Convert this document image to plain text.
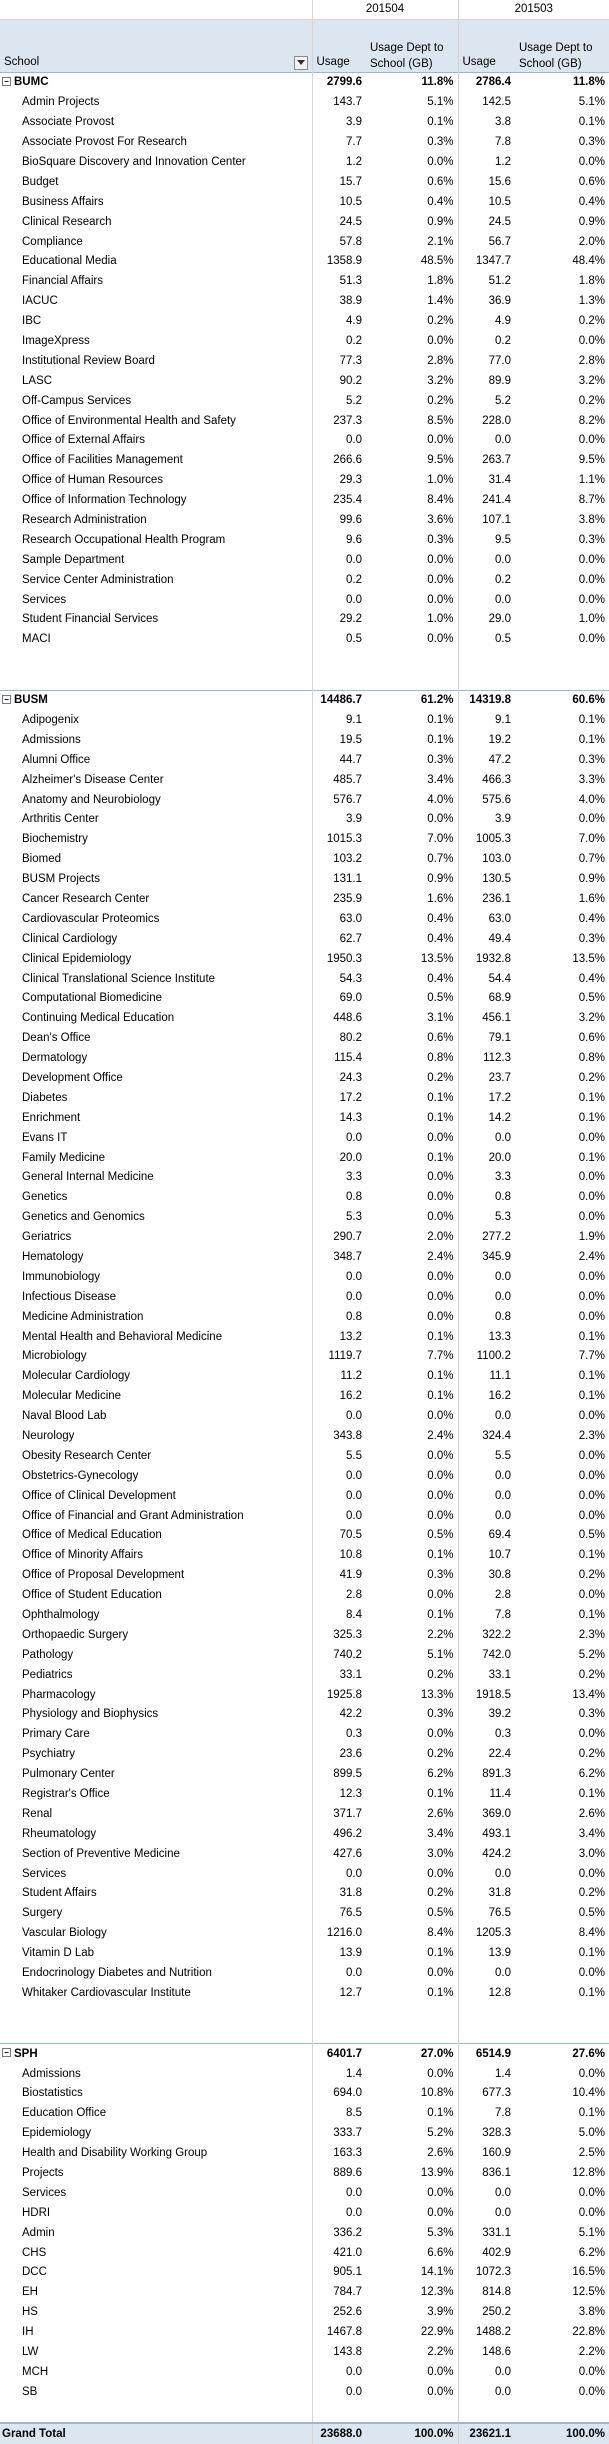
	201504		201503	
School	Usage	Usage Dept to School (GB)	Usage	Usage Dept to School (GB)
− BUMC	2799.6	11.8%	2786.4	11.8%
Admin Projects	143.7	5.1%	142.5	5.1%
Associate Provost	3.9	0.1%	3.8	0.1%
Associate Provost For Research	7.7	0.3%	7.8	0.3%
BioSquare Discovery and Innovation Center	1.2	0.0%	1.2	0.0%
Budget	15.7	0.6%	15.6	0.6%
Business Affairs	10.5	0.4%	10.5	0.4%
Clinical Research	24.5	0.9%	24.5	0.9%
Compliance	57.8	2.1%	56.7	2.0%
Educational Media	1358.9	48.5%	1347.7	48.4%
Financial Affairs	51.3	1.8%	51.2	1.8%
IACUC	38.9	1.4%	36.9	1.3%
IBC	4.9	0.2%	4.9	0.2%
ImageXpress	0.2	0.0%	0.2	0.0%
Institutional Review Board	77.3	2.8%	77.0	2.8%
LASC	90.2	3.2%	89.9	3.2%
Off-Campus Services	5.2	0.2%	5.2	0.2%
Office of Environmental Health and Safety	237.3	8.5%	228.0	8.2%
Office of External Affairs	0.0	0.0%	0.0	0.0%
Office of Facilities Management	266.6	9.5%	263.7	9.5%
Office of Human Resources	29.3	1.0%	31.4	1.1%
Office of Information Technology	235.4	8.4%	241.4	8.7%
Research Administration	99.6	3.6%	107.1	3.8%
Research Occupational Health Program	9.6	0.3%	9.5	0.3%
Sample Department	0.0	0.0%	0.0	0.0%
Service Center Administration	0.2	0.0%	0.2	0.0%
Services	0.0	0.0%	0.0	0.0%
Student Financial Services	29.2	1.0%	29.0	1.0%
MACI	0.5	0.0%	0.5	0.0%

− BUSM	14486.7	61.2%	14319.8	60.6%
Adipogenix	9.1	0.1%	9.1	0.1%
Admissions	19.5	0.1%	19.2	0.1%
Alumni Office	44.7	0.3%	47.2	0.3%
Alzheimer's Disease Center	485.7	3.4%	466.3	3.3%
Anatomy and Neurobiology	576.7	4.0%	575.6	4.0%
Arthritis Center	3.9	0.0%	3.9	0.0%
Biochemistry	1015.3	7.0%	1005.3	7.0%
Biomed	103.2	0.7%	103.0	0.7%
BUSM Projects	131.1	0.9%	130.5	0.9%
Cancer Research Center	235.9	1.6%	236.1	1.6%
Cardiovascular Proteomics	63.0	0.4%	63.0	0.4%
Clinical Cardiology	62.7	0.4%	49.4	0.3%
Clinical Epidemiology	1950.3	13.5%	1932.8	13.5%
Clinical Translational Science Institute	54.3	0.4%	54.4	0.4%
Computational Biomedicine	69.0	0.5%	68.9	0.5%
Continuing Medical Education	448.6	3.1%	456.1	3.2%
Dean's Office	80.2	0.6%	79.1	0.6%
Dermatology	115.4	0.8%	112.3	0.8%
Development Office	24.3	0.2%	23.7	0.2%
Diabetes	17.2	0.1%	17.2	0.1%
Enrichment	14.3	0.1%	14.2	0.1%
Evans IT	0.0	0.0%	0.0	0.0%
Family Medicine	20.0	0.1%	20.0	0.1%
General Internal Medicine	3.3	0.0%	3.3	0.0%
Genetics	0.8	0.0%	0.8	0.0%
Genetics and Genomics	5.3	0.0%	5.3	0.0%
Geriatrics	290.7	2.0%	277.2	1.9%
Hematology	348.7	2.4%	345.9	2.4%
Immunobiology	0.0	0.0%	0.0	0.0%
Infectious Disease	0.0	0.0%	0.0	0.0%
Medicine Administration	0.8	0.0%	0.8	0.0%
Mental Health and Behavioral Medicine	13.2	0.1%	13.3	0.1%
Microbiology	1119.7	7.7%	1100.2	7.7%
Molecular Cardiology	11.2	0.1%	11.1	0.1%
Molecular Medicine	16.2	0.1%	16.2	0.1%
Naval Blood Lab	0.0	0.0%	0.0	0.0%
Neurology	343.8	2.4%	324.4	2.3%
Obesity Research Center	5.5	0.0%	5.5	0.0%
Obstetrics-Gynecology	0.0	0.0%	0.0	0.0%
Office of Clinical Development	0.0	0.0%	0.0	0.0%
Office of Financial and Grant Administration	0.0	0.0%	0.0	0.0%
Office of Medical Education	70.5	0.5%	69.4	0.5%
Office of Minority Affairs	10.8	0.1%	10.7	0.1%
Office of Proposal Development	41.9	0.3%	30.8	0.2%
Office of Student Education	2.8	0.0%	2.8	0.0%
Ophthalmology	8.4	0.1%	7.8	0.1%
Orthopaedic Surgery	325.3	2.2%	322.2	2.3%
Pathology	740.2	5.1%	742.0	5.2%
Pediatrics	33.1	0.2%	33.1	0.2%
Pharmacology	1925.8	13.3%	1918.5	13.4%
Physiology and Biophysics	42.2	0.3%	39.2	0.3%
Primary Care	0.3	0.0%	0.3	0.0%
Psychiatry	23.6	0.2%	22.4	0.2%
Pulmonary Center	899.5	6.2%	891.3	6.2%
Registrar's Office	12.3	0.1%	11.4	0.1%
Renal	371.7	2.6%	369.0	2.6%
Rheumatology	496.2	3.4%	493.1	3.4%
Section of Preventive Medicine	427.6	3.0%	424.2	3.0%
Services	0.0	0.0%	0.0	0.0%
Student Affairs	31.8	0.2%	31.8	0.2%
Surgery	76.5	0.5%	76.5	0.5%
Vascular Biology	1216.0	8.4%	1205.3	8.4%
Vitamin D Lab	13.9	0.1%	13.9	0.1%
Endocrinology Diabetes and Nutrition	0.0	0.0%	0.0	0.0%
Whitaker Cardiovascular Institute	12.7	0.1%	12.8	0.1%

− SPH	6401.7	27.0%	6514.9	27.6%
Admissions	1.4	0.0%	1.4	0.0%
Biostatistics	694.0	10.8%	677.3	10.4%
Education Office	8.5	0.1%	7.8	0.1%
Epidemiology	333.7	5.2%	328.3	5.0%
Health and Disability Working Group	163.3	2.6%	160.9	2.5%
Projects	889.6	13.9%	836.1	12.8%
Services	0.0	0.0%	0.0	0.0%
HDRI	0.0	0.0%	0.0	0.0%
Admin	336.2	5.3%	331.1	5.1%
CHS	421.0	6.6%	402.9	6.2%
DCC	905.1	14.1%	1072.3	16.5%
EH	784.7	12.3%	814.8	12.5%
HS	252.6	3.9%	250.2	3.8%
IH	1467.8	22.9%	1488.2	22.8%
LW	143.8	2.2%	148.6	2.2%
MCH	0.0	0.0%	0.0	0.0%
SB	0.0	0.0%	0.0	0.0%

Grand Total	23688.0	100.0%	23621.1	100.0%
